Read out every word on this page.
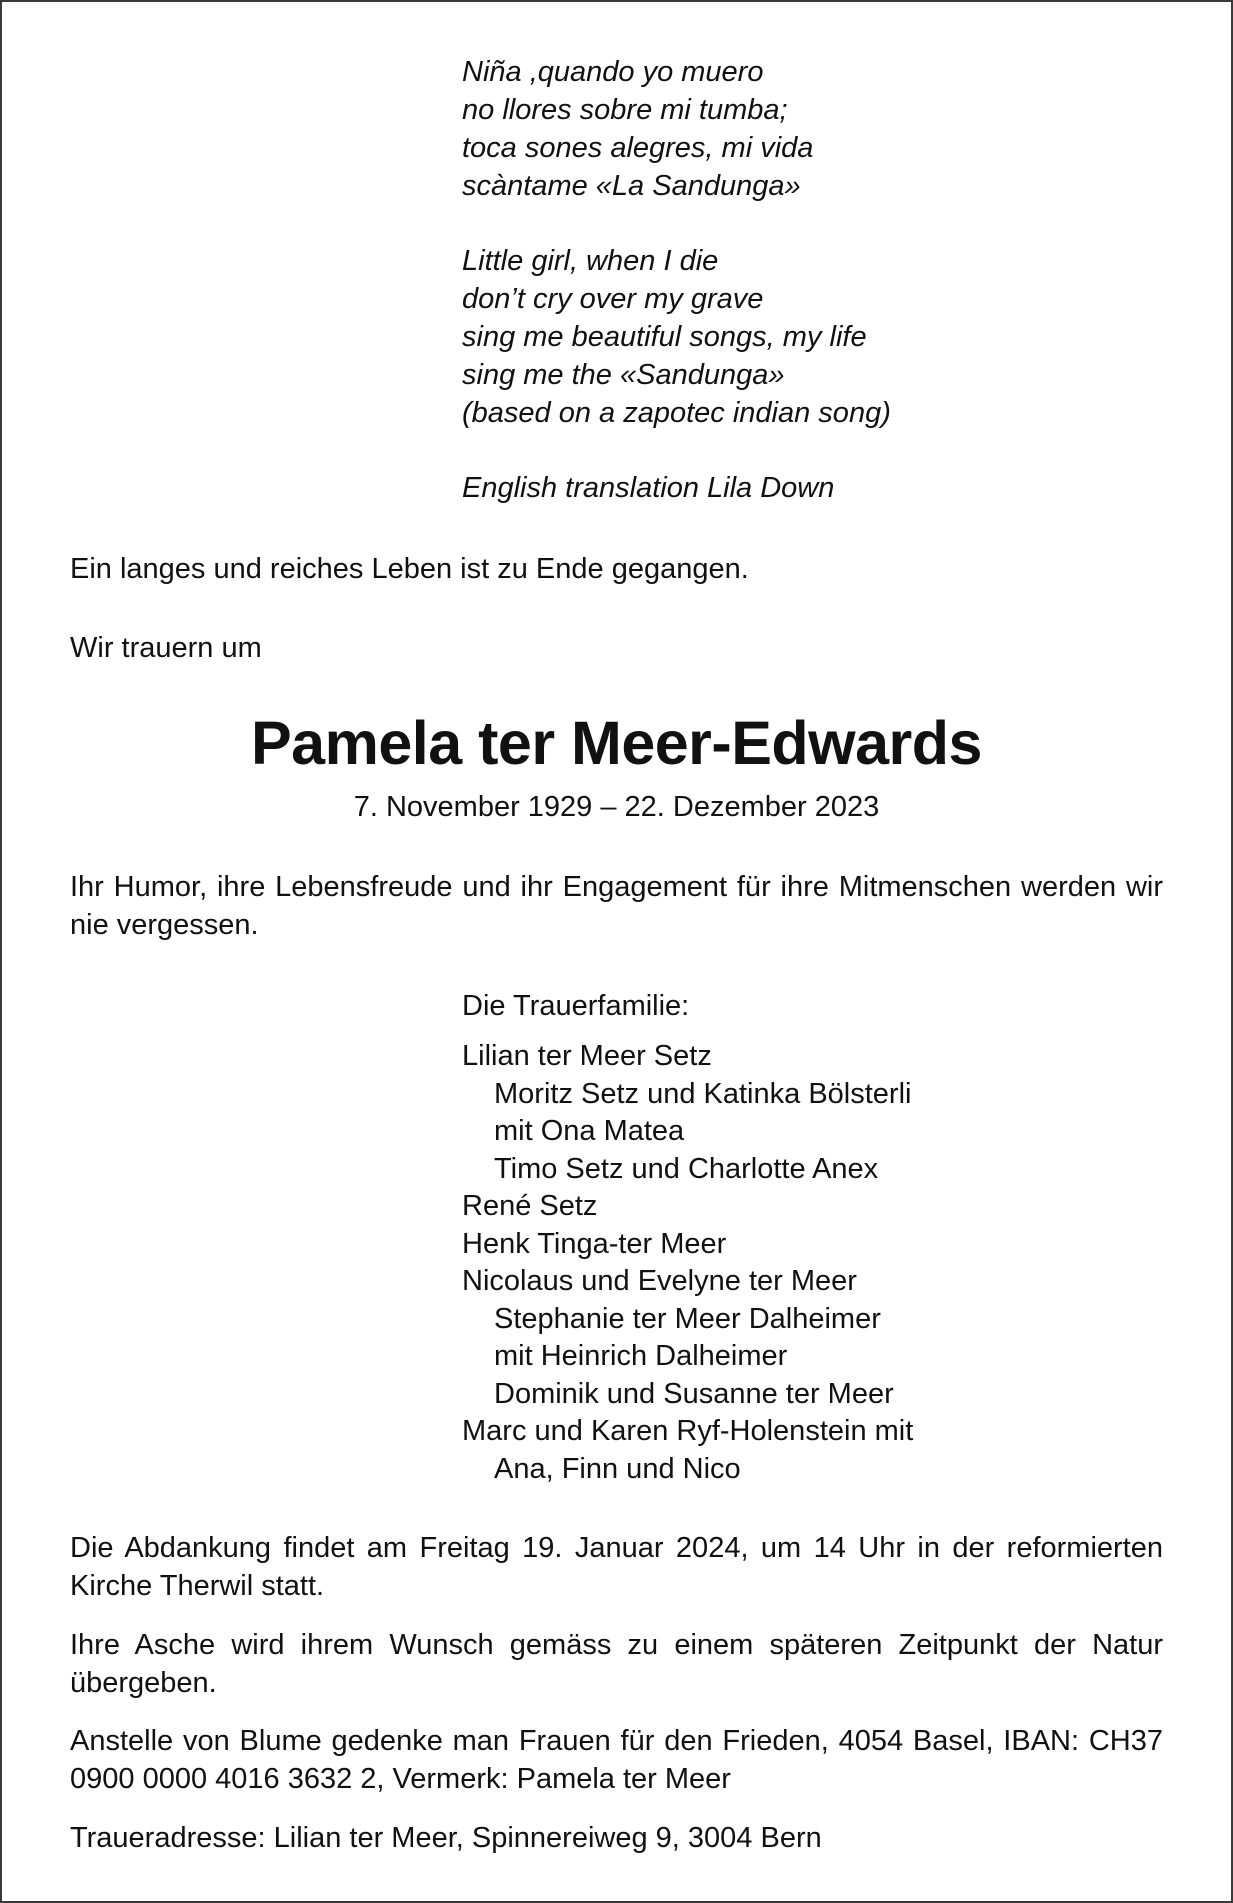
Niña ,quando yo muero
no llores sobre mi tumba;
toca sones alegres, mi vida
scàntame «La Sandunga»
Little girl, when I die
don’t cry over my grave
sing me beautiful songs, my life
sing me the «Sandunga»
(based on a zapotec indian song)
English translation Lila Down
Ein langes und reiches Leben ist zu Ende gegangen.
Wir trauern um
Pamela ter Meer-Edwards
7. November 1929 – 22. Dezember 2023
Ihr Humor, ihre Lebensfreude und ihr Engagement für ihre Mitmenschen werden wir nie vergessen.
Die Trauerfamilie:
Lilian ter Meer Setz
Moritz Setz und Katinka Bölsterli
mit Ona Matea
Timo Setz und Charlotte Anex
René Setz
Henk Tinga-ter Meer
Nicolaus und Evelyne ter Meer
Stephanie ter Meer Dalheimer
mit Heinrich Dalheimer
Dominik und Susanne ter Meer
Marc und Karen Ryf-Holenstein mit
Ana, Finn und Nico
Die Abdankung findet am Freitag 19. Januar 2024, um 14 Uhr in der reformierten Kirche Therwil statt.
Ihre Asche wird ihrem Wunsch gemäss zu einem späteren Zeitpunkt der Natur übergeben.
Anstelle von Blume gedenke man Frauen für den Frieden, 4054 Basel, IBAN: CH37 0900 0000 4016 3632 2, Vermerk: Pamela ter Meer
Traueradresse: Lilian ter Meer, Spinnereiweg 9, 3004 Bern
